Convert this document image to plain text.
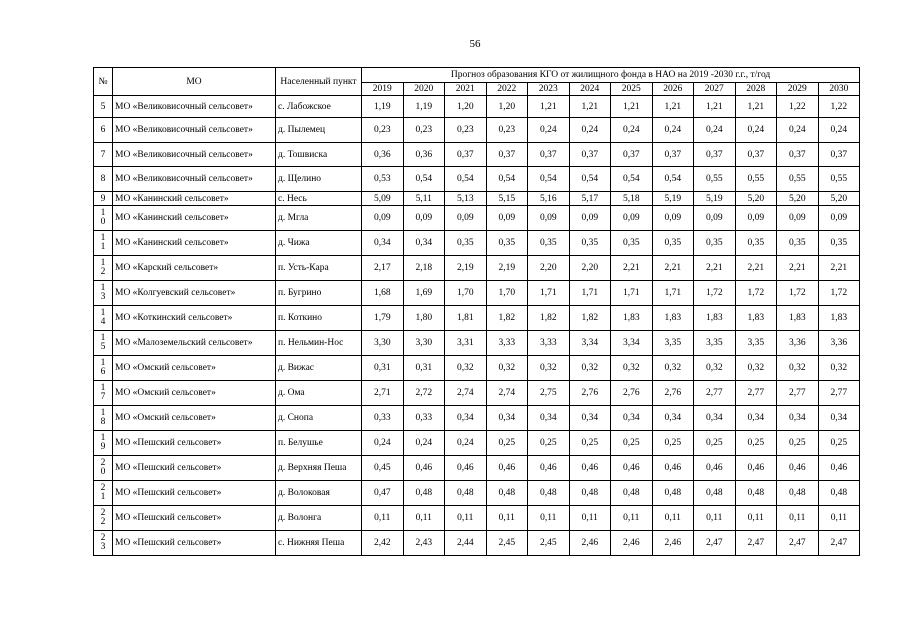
56
№	МО	Населенный пункт	Прогноз образования КГО от жилищного фонда в НАО на 2019 -2030 г.г., т/год											
			2019	2020	2021	2022	2023	2024	2025	2026	2027	2028	2029	2030
5	МО «Великовисочный сельсовет»	с. Лабожское	1,19	1,19	1,20	1,20	1,21	1,21	1,21	1,21	1,21	1,21	1,22	1,22
6	МО «Великовисочный сельсовет»	д. Пылемец	0,23	0,23	0,23	0,23	0,24	0,24	0,24	0,24	0,24	0,24	0,24	0,24
7	МО «Великовисочный сельсовет»	д. Тошвиска	0,36	0,36	0,37	0,37	0,37	0,37	0,37	0,37	0,37	0,37	0,37	0,37
8	МО «Великовисочный сельсовет»	д. Щелино	0,53	0,54	0,54	0,54	0,54	0,54	0,54	0,54	0,55	0,55	0,55	0,55
9	МО «Канинский сельсовет»	с. Несь	5,09	5,11	5,13	5,15	5,16	5,17	5,18	5,19	5,19	5,20	5,20	5,20
10	МО «Канинский сельсовет»	д. Мгла	0,09	0,09	0,09	0,09	0,09	0,09	0,09	0,09	0,09	0,09	0,09	0,09
11	МО «Канинский сельсовет»	д. Чижа	0,34	0,34	0,35	0,35	0,35	0,35	0,35	0,35	0,35	0,35	0,35	0,35
12	МО «Карский сельсовет»	п. Усть-Кара	2,17	2,18	2,19	2,19	2,20	2,20	2,21	2,21	2,21	2,21	2,21	2,21
13	МО «Колгуевский сельсовет»	п. Бугрино	1,68	1,69	1,70	1,70	1,71	1,71	1,71	1,71	1,72	1,72	1,72	1,72
14	МО «Коткинский сельсовет»	п. Коткино	1,79	1,80	1,81	1,82	1,82	1,82	1,83	1,83	1,83	1,83	1,83	1,83
15	МО «Малоземельский сельсовет»	п. Нельмин-Нос	3,30	3,30	3,31	3,33	3,33	3,34	3,34	3,35	3,35	3,35	3,36	3,36
16	МО «Омский сельсовет»	д. Вижас	0,31	0,31	0,32	0,32	0,32	0,32	0,32	0,32	0,32	0,32	0,32	0,32
17	МО «Омский сельсовет»	д. Ома	2,71	2,72	2,74	2,74	2,75	2,76	2,76	2,76	2,77	2,77	2,77	2,77
18	МО «Омский сельсовет»	д. Снопа	0,33	0,33	0,34	0,34	0,34	0,34	0,34	0,34	0,34	0,34	0,34	0,34
19	МО «Пешский сельсовет»	п. Белушье	0,24	0,24	0,24	0,25	0,25	0,25	0,25	0,25	0,25	0,25	0,25	0,25
20	МО «Пешский сельсовет»	д. Верхняя Пеша	0,45	0,46	0,46	0,46	0,46	0,46	0,46	0,46	0,46	0,46	0,46	0,46
21	МО «Пешский сельсовет»	д. Волоковая	0,47	0,48	0,48	0,48	0,48	0,48	0,48	0,48	0,48	0,48	0,48	0,48
22	МО «Пешский сельсовет»	д. Волонга	0,11	0,11	0,11	0,11	0,11	0,11	0,11	0,11	0,11	0,11	0,11	0,11
23	МО «Пешский сельсовет»	с. Нижняя Пеша	2,42	2,43	2,44	2,45	2,45	2,46	2,46	2,46	2,47	2,47	2,47	2,47
